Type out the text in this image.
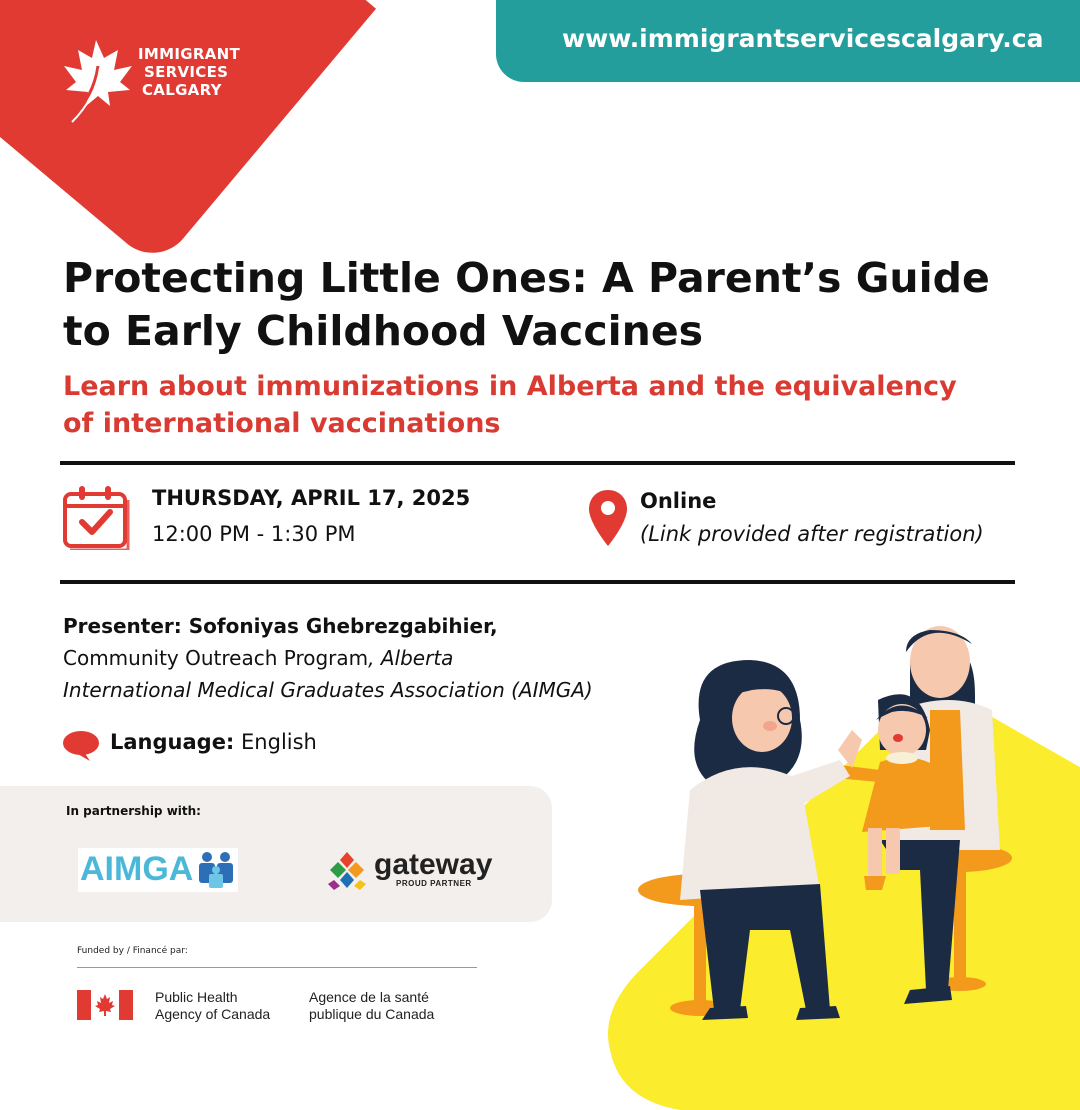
IMMIGRANT
SERVICES
CALGARY
www.immigrantservicescalgary.ca
Protecting Little Ones: A Parent’s Guide
to Early Childhood Vaccines
Learn about immunizations in Alberta and the equivalency
of international vaccinations
THURSDAY, APRIL 17, 2025
12:00 PM - 1:30 PM
Online
(Link provided after registration)
Presenter: Sofoniyas Ghebrezgabihier,
Community Outreach Program, Alberta
International Medical Graduates Association (AIMGA)
Language: English
In partnership with:
AIMGA	gateway
PROUD PARTNER
Funded by / Financé par:
Public Health
Agency of Canada
Agence de la santé
publique du Canada
